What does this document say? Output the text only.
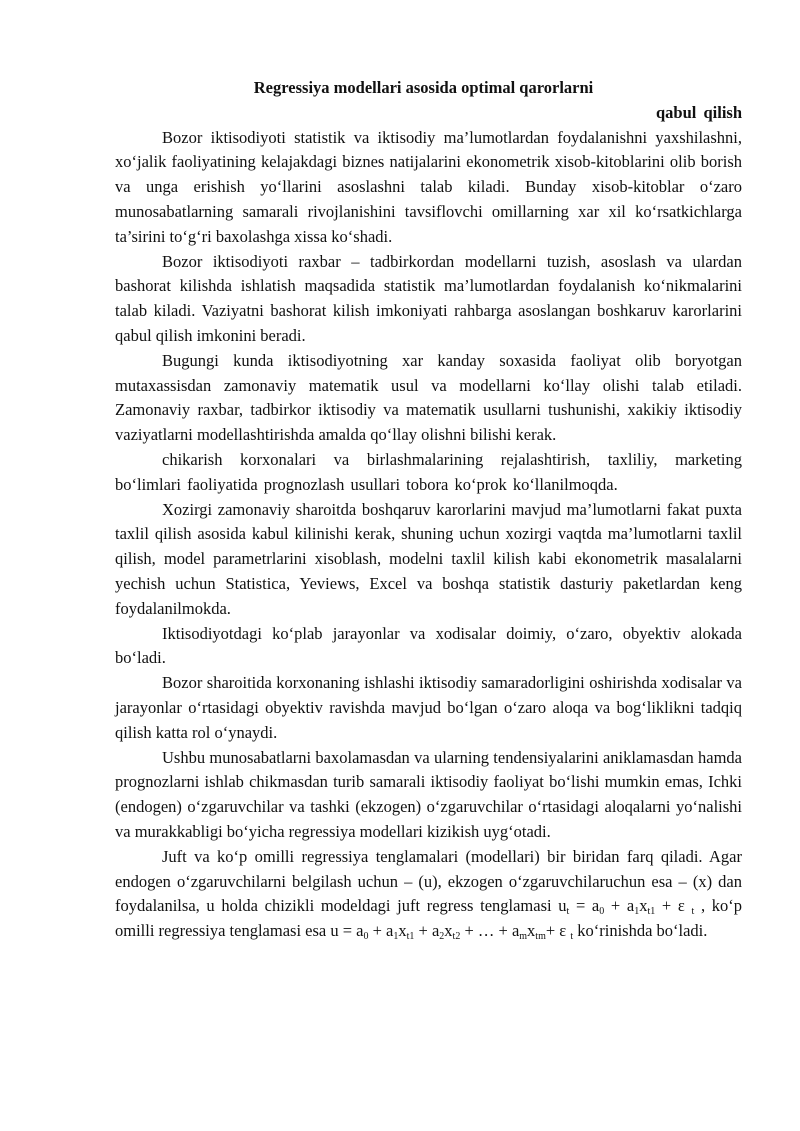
Regressiya modellari asosida optimal qarorlarni

qabul qilish

Bozor iktisodiyoti statistik va iktisodiy ma’lumotlardan foydalanishni yaxshilashni, xo‘jalik faoliyatining kelajakdagi biznes natijalarini ekonometrik xisob-kitoblarini olib borish va unga erishish yo‘llarini asoslashni talab kiladi. Bunday xisob-kitoblar o‘zaro munosabatlarning samarali rivojlanishini tavsiflovchi omillarning xar xil ko‘rsatkichlarga ta’sirini to‘g‘ri baxolashga xissa ko‘shadi.

Bozor iktisodiyoti raxbar – tadbirkordan modellarni tuzish, asoslash va ulardan bashorat kilishda ishlatish maqsadida statistik ma’lumotlardan foydalanish ko‘nikmalarini talab kiladi. Vaziyatni bashorat kilish imkoniyati rahbarga asoslangan boshkaruv karorlarini qabul qilish imkonini beradi.

Bugungi kunda iktisodiyotning xar kanday soxasida faoliyat olib boryotgan mutaxassisdan zamonaviy matematik usul va modellarni ko‘llay olishi talab etiladi. Zamonaviy raxbar, tadbirkor iktisodiy va matematik usullarni tushunishi, xakikiy iktisodiy vaziyatlarni modellashtirishda amalda qo‘llay olishni bilishi kerak.

chikarish korxonalari va birlashmalarining rejalashtirish, taxliliy, marketing bo‘limlari faoliyatida prognozlash usullari tobora ko‘prok ko‘llanilmoqda.

Xozirgi zamonaviy sharoitda boshqaruv karorlarini mavjud ma’lumotlarni fakat puxta taxlil qilish asosida kabul kilinishi kerak, shuning uchun xozirgi vaqtda ma’lumotlarni taxlil qilish, model parametrlarini xisoblash, modelni taxlil kilish kabi ekonometrik masalalarni yechish uchun Statistica, Yeviews, Excel va boshqa statistik dasturiy paketlardan keng foydalanilmokda.

Iktisodiyotdagi ko‘plab jarayonlar va xodisalar doimiy, o‘zaro, obyektiv alokada bo‘ladi.

Bozor sharoitida korxonaning ishlashi iktisodiy samaradorligini oshirishda xodisalar va jarayonlar o‘rtasidagi obyektiv ravishda mavjud bo‘lgan o‘zaro aloqa va bog‘liklikni tadqiq qilish katta rol o‘ynaydi.

Ushbu munosabatlarni baxolamasdan va ularning tendensiyalarini aniklamasdan hamda prognozlarni ishlab chikmasdan turib samarali iktisodiy faoliyat bo‘lishi mumkin emas, Ichki (endogen) o‘zgaruvchilar va tashki (ekzogen) o‘zgaruvchilar o‘rtasidagi aloqalarni yo‘nalishi va murakkabligi bo‘yicha regressiya modellari kizikish uyg‘otadi.

Juft va ko‘p omilli regressiya tenglamalari (modellari) bir biridan farq qiladi. Agar endogen o‘zgaruvchilarni belgilash uchun – (u), ekzogen o‘zgaruvchilaruchun esa – (x) dan foydalanilsa, u holda chizikli modeldagi juft regress tenglamasi $u_t = a_0 + a_1x_{t1} + \varepsilon$ $_t$ , ko‘p omilli regressiya tenglamasi esa $u = a_0 + a_1x_{t1} + a_2x_{t2}$ + … + $a_mx_{tm}+ \varepsilon$ $_t$ ko‘rinishda bo‘ladi.
